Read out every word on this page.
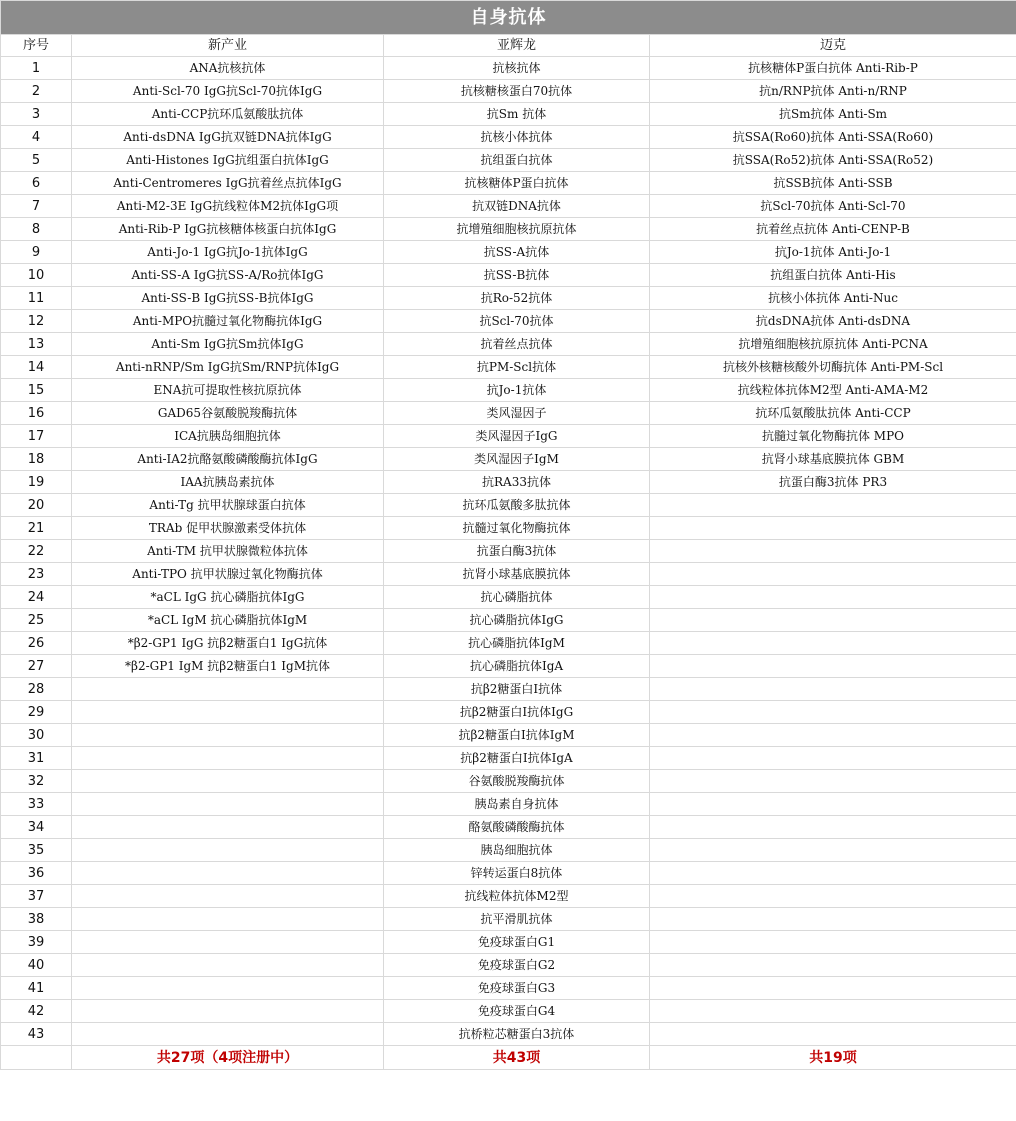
自身抗体			
序号	新产业	亚辉龙	迈克
1	ANA抗核抗体	抗核抗体	抗核糖体P蛋白抗体 Anti-Rib-P
2	Anti-Scl-70 IgG抗Scl-70抗体IgG	抗核糖核蛋白70抗体	抗n/RNP抗体 Anti-n/RNP
3	Anti-CCP抗环瓜氨酸肽抗体	抗Sm 抗体	抗Sm抗体 Anti-Sm
4	Anti-dsDNA IgG抗双链DNA抗体IgG	抗核小体抗体	抗SSA(Ro60)抗体 Anti-SSA(Ro60)
5	Anti-Histones IgG抗组蛋白抗体IgG	抗组蛋白抗体	抗SSA(Ro52)抗体 Anti-SSA(Ro52)
6	Anti-Centromeres IgG抗着丝点抗体IgG	抗核糖体P蛋白抗体	抗SSB抗体 Anti-SSB
7	Anti-M2-3E IgG抗线粒体M2抗体IgG项	抗双链DNA抗体	抗Scl-70抗体 Anti-Scl-70
8	Anti-Rib-P IgG抗核糖体核蛋白抗体IgG	抗增殖细胞核抗原抗体	抗着丝点抗体 Anti-CENP-B
9	Anti-Jo-1 IgG抗Jo-1抗体IgG	抗SS-A抗体	抗Jo-1抗体 Anti-Jo-1
10	Anti-SS-A IgG抗SS-A/Ro抗体IgG	抗SS-B抗体	抗组蛋白抗体 Anti-His
11	Anti-SS-B IgG抗SS-B抗体IgG	抗Ro-52抗体	抗核小体抗体 Anti-Nuc
12	Anti-MPO抗髓过氧化物酶抗体IgG	抗Scl-70抗体	抗dsDNA抗体 Anti-dsDNA
13	Anti-Sm IgG抗Sm抗体IgG	抗着丝点抗体	抗增殖细胞核抗原抗体 Anti-PCNA
14	Anti-nRNP/Sm IgG抗Sm/RNP抗体IgG	抗PM-Scl抗体	抗核外核糖核酸外切酶抗体 Anti-PM-Scl
15	ENA抗可提取性核抗原抗体	抗Jo-1抗体	抗线粒体抗体M2型 Anti-AMA-M2
16	GAD65谷氨酸脱羧酶抗体	类风湿因子	抗环瓜氨酸肽抗体 Anti-CCP
17	ICA抗胰岛细胞抗体	类风湿因子IgG	抗髓过氧化物酶抗体 MPO
18	Anti-IA2抗酪氨酸磷酸酶抗体IgG	类风湿因子IgM	抗肾小球基底膜抗体 GBM
19	IAA抗胰岛素抗体	抗RA33抗体	抗蛋白酶3抗体 PR3
20	Anti-Tg 抗甲状腺球蛋白抗体	抗环瓜氨酸多肽抗体	
21	TRAb 促甲状腺激素受体抗体	抗髓过氧化物酶抗体	
22	Anti-TM 抗甲状腺微粒体抗体	抗蛋白酶3抗体	
23	Anti-TPO 抗甲状腺过氧化物酶抗体	抗肾小球基底膜抗体	
24	*aCL IgG 抗心磷脂抗体IgG	抗心磷脂抗体	
25	*aCL IgM 抗心磷脂抗体IgM	抗心磷脂抗体IgG	
26	*β2-GP1 IgG 抗β2糖蛋白1 IgG抗体	抗心磷脂抗体IgM	
27	*β2-GP1 IgM 抗β2糖蛋白1 IgM抗体	抗心磷脂抗体IgA	
28		抗β2糖蛋白I抗体	
29		抗β2糖蛋白I抗体IgG	
30		抗β2糖蛋白I抗体IgM	
31		抗β2糖蛋白I抗体IgA	
32		谷氨酸脱羧酶抗体	
33		胰岛素自身抗体	
34		酪氨酸磷酸酶抗体	
35		胰岛细胞抗体	
36		锌转运蛋白8抗体	
37		抗线粒体抗体M2型	
38		抗平滑肌抗体	
39		免疫球蛋白G1	
40		免疫球蛋白G2	
41		免疫球蛋白G3	
42		免疫球蛋白G4	
43		抗桥粒芯糖蛋白3抗体	
	共27项（4项注册中）	共43项	共19项
